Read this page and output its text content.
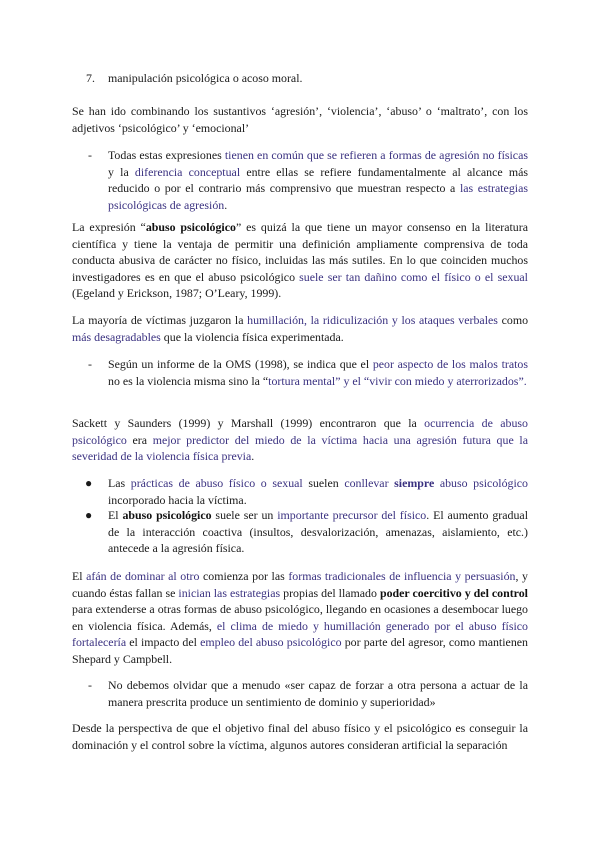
7. manipulación psicológica o acoso moral.

Se han ido combinando los sustantivos ‘agresión’, ‘violencia’, ‘abuso’ o ‘maltrato’, con los adjetivos ‘psicológico’ y ‘emocional’

- Todas estas expresiones tienen en común que se refieren a formas de agresión no físicas y la diferencia conceptual entre ellas se refiere fundamentalmente al alcance más reducido o por el contrario más comprensivo que muestran respecto a las estrategias psicológicas de agresión.

La expresión “abuso psicológico” es quizá la que tiene un mayor consenso en la literatura científica y tiene la ventaja de permitir una definición ampliamente comprensiva de toda conducta abusiva de carácter no físico, incluidas las más sutiles. En lo que coinciden muchos investigadores es en que el abuso psicológico suele ser tan dañino como el físico o el sexual (Egeland y Erickson, 1987; O’Leary, 1999).

La mayoría de víctimas juzgaron la humillación, la ridiculización y los ataques verbales como más desagradables que la violencia física experimentada.

- Según un informe de la OMS (1998), se indica que el peor aspecto de los malos tratos no es la violencia misma sino la “tortura mental” y el “vivir con miedo y aterrorizados”.

Sackett y Saunders (1999) y Marshall (1999) encontraron que la ocurrencia de abuso psicológico era mejor predictor del miedo de la víctima hacia una agresión futura que la severidad de la violencia física previa.

● Las prácticas de abuso físico o sexual suelen conllevar siempre abuso psicológico incorporado hacia la víctima.

● El abuso psicológico suele ser un importante precursor del físico. El aumento gradual de la interacción coactiva (insultos, desvalorización, amenazas, aislamiento, etc.) antecede a la agresión física.

El afán de dominar al otro comienza por las formas tradicionales de influencia y persuasión, y cuando éstas fallan se inician las estrategias propias del llamado poder coercitivo y del control para extenderse a otras formas de abuso psicológico, llegando en ocasiones a desembocar luego en violencia física. Además, el clima de miedo y humillación generado por el abuso físico fortalecería el impacto del empleo del abuso psicológico por parte del agresor, como mantienen Shepard y Campbell.

- No debemos olvidar que a menudo «ser capaz de forzar a otra persona a actuar de la manera prescrita produce un sentimiento de dominio y superioridad»

Desde la perspectiva de que el objetivo final del abuso físico y el psicológico es conseguir la dominación y el control sobre la víctima, algunos autores consideran artificial la separación
